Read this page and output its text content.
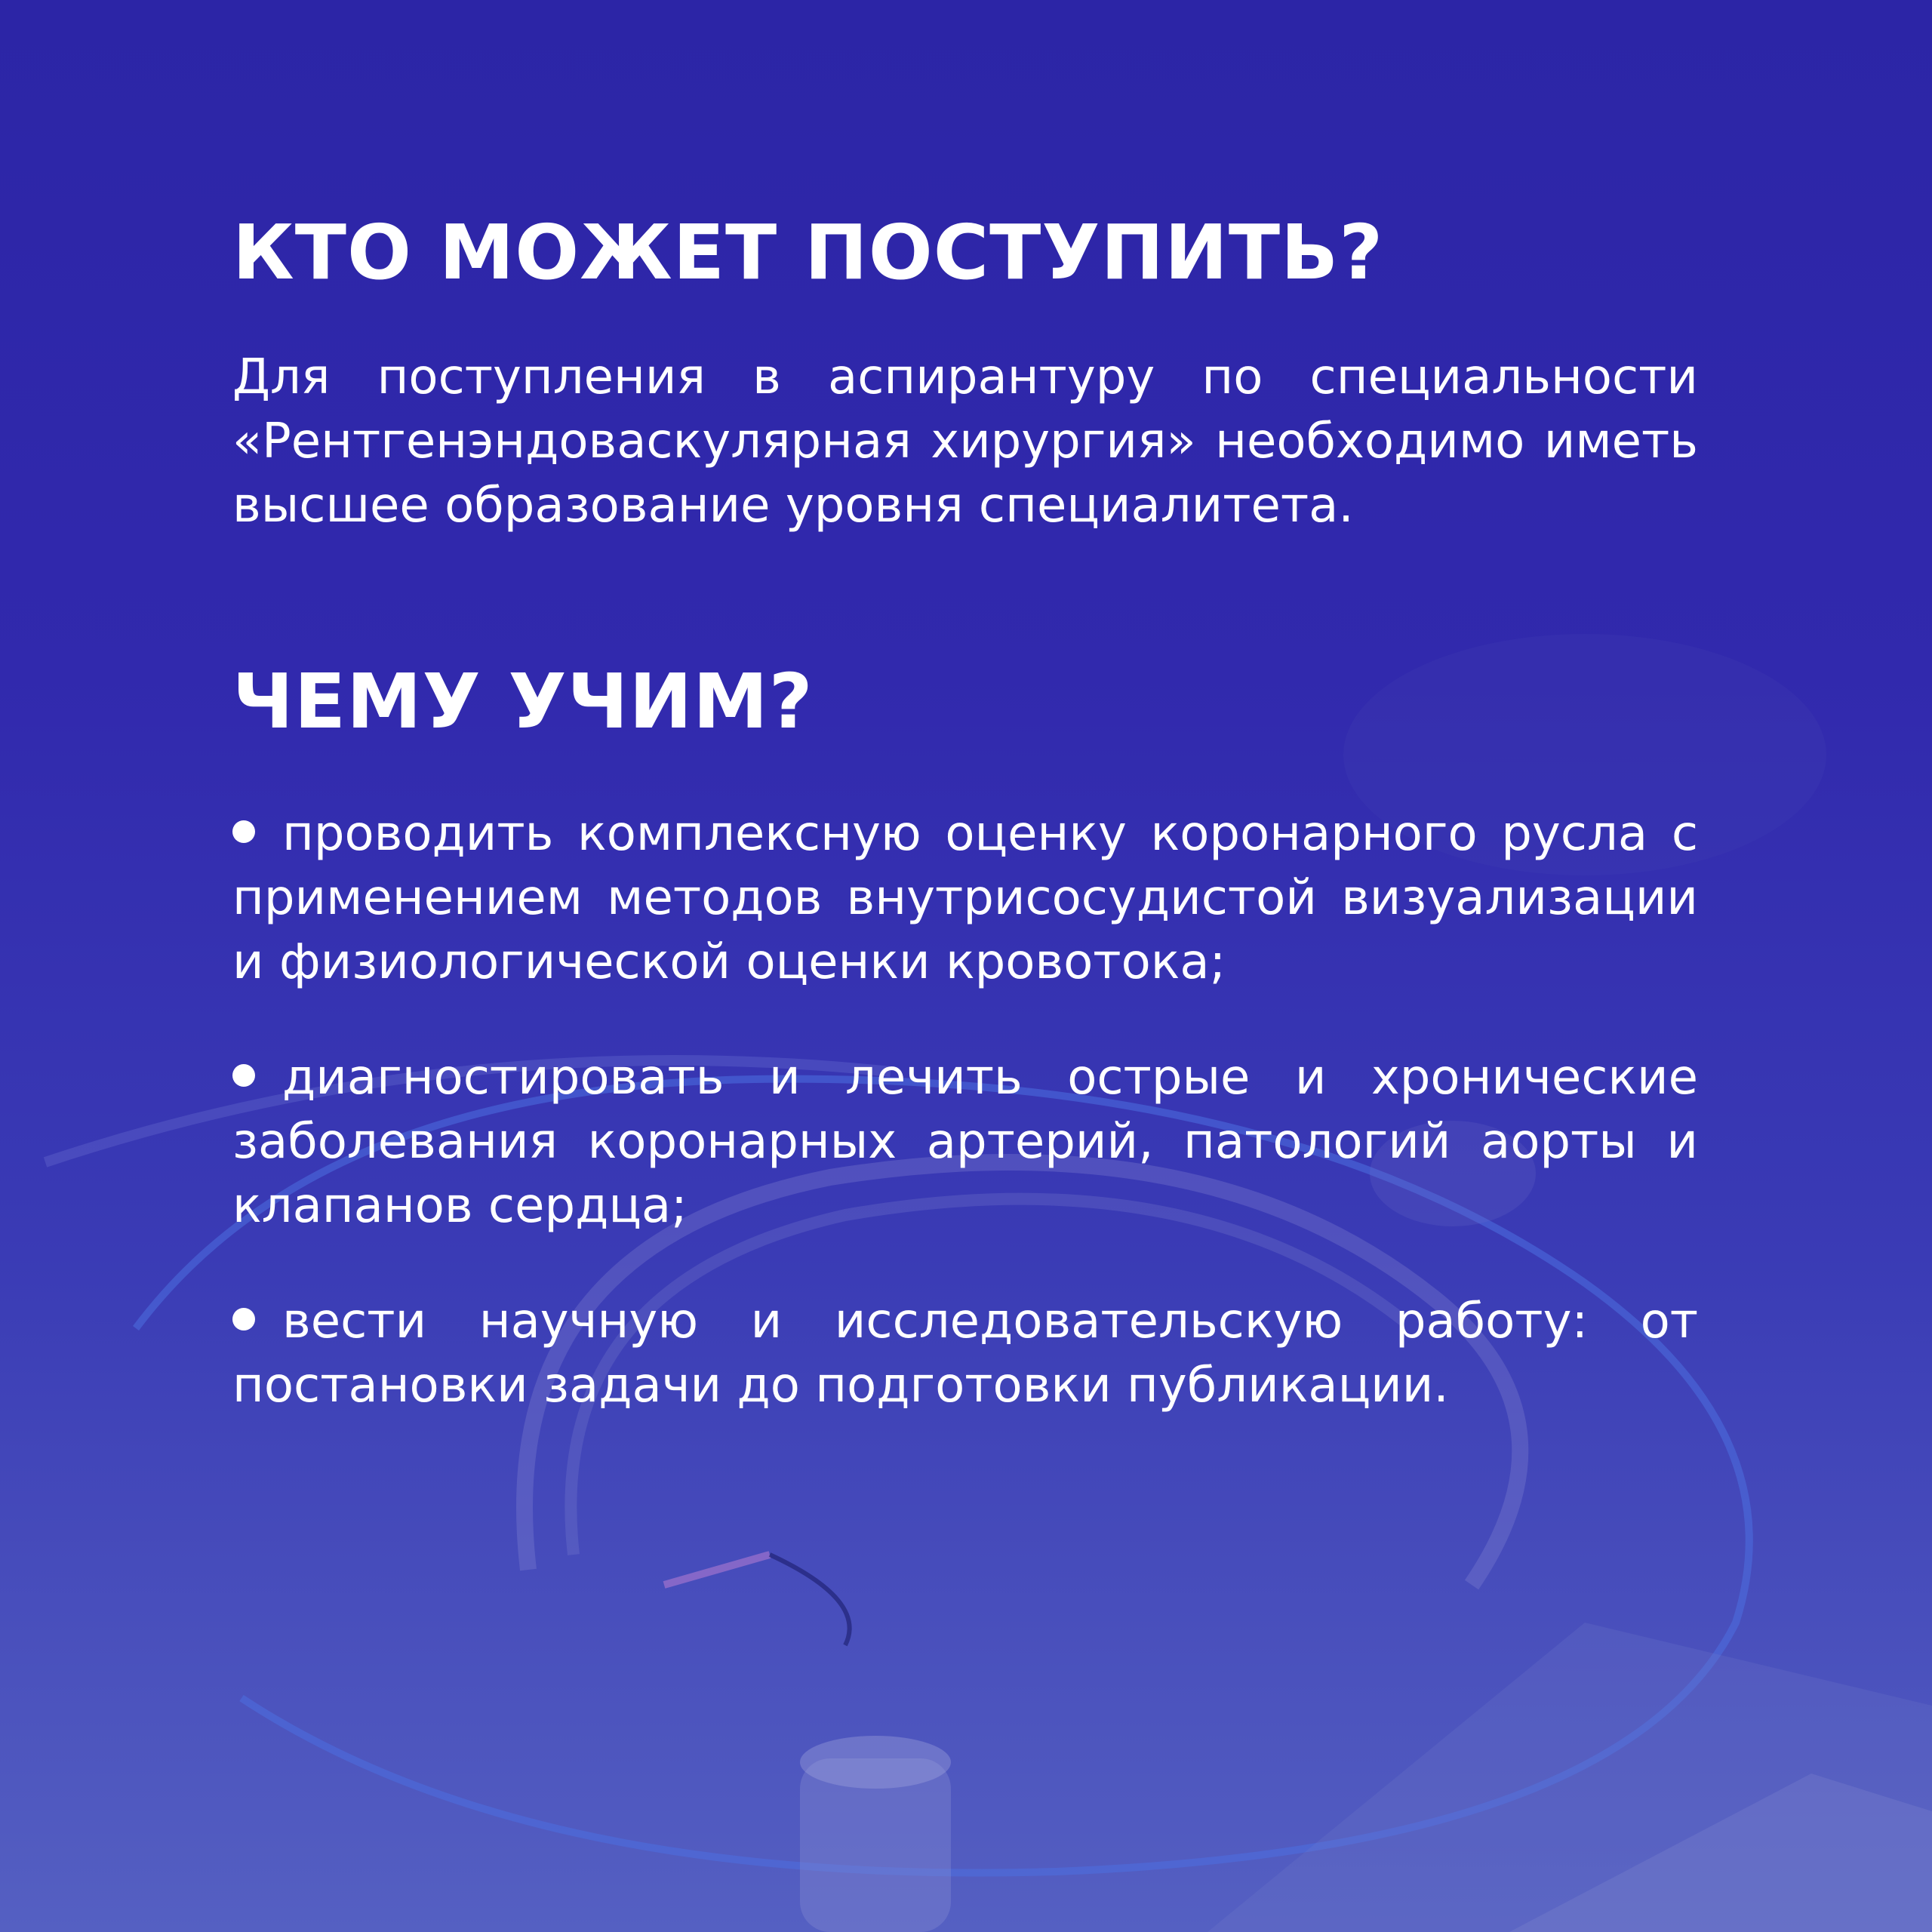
КТО МОЖЕТ ПОСТУПИТЬ?

Для поступления в аспирантуру по специальности «Рентгенэндоваскулярная хирургия» необходимо иметь высшее образование уровня специалитета.

ЧЕМУ УЧИМ?

проводить комплексную оценку коронарного русла с применением методов внутрисосудистой визуализации и физиологической оценки кровотока;

диагностировать и лечить острые и хронические заболевания коронарных артерий, патологий аорты и клапанов сердца;

вести научную и исследовательскую работу: от постановки задачи до подготовки публикации.
